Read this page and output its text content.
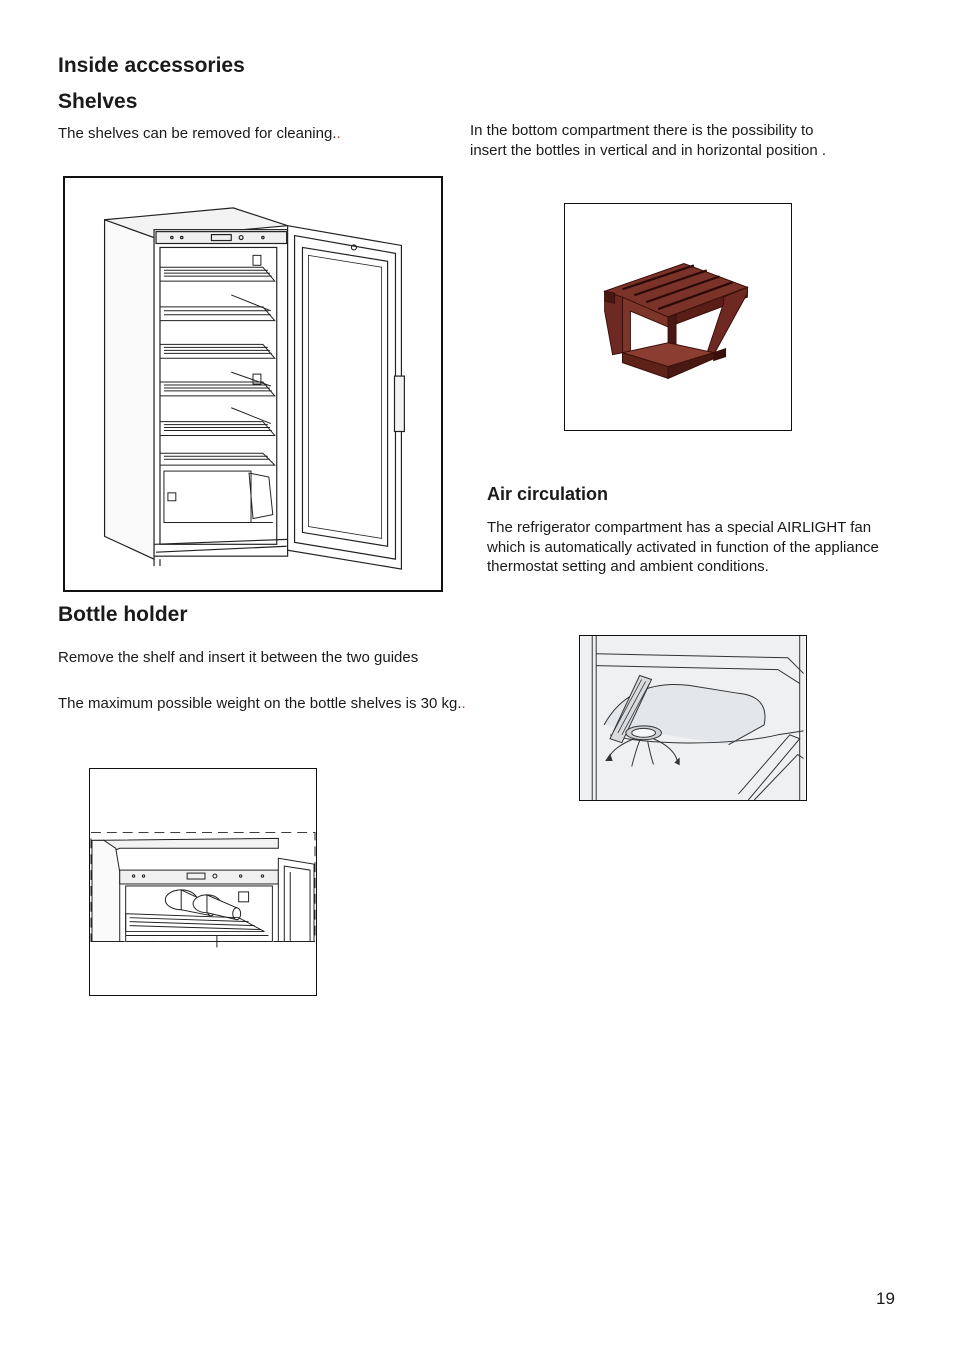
Inside accessories
Shelves
The shelves can be removed for cleaning..	In the bottom compartment there is the possibility to insert the bottles in vertical and in horizontal position .
Air circulation
The refrigerator compartment has a special AIRLIGHT fan which is automatically activated in function of the appliance thermostat setting and ambient conditions.
Bottle holder
Remove the shelf and insert it between the two guides
The maximum possible weight on the bottle shelves is 30 kg..
19
